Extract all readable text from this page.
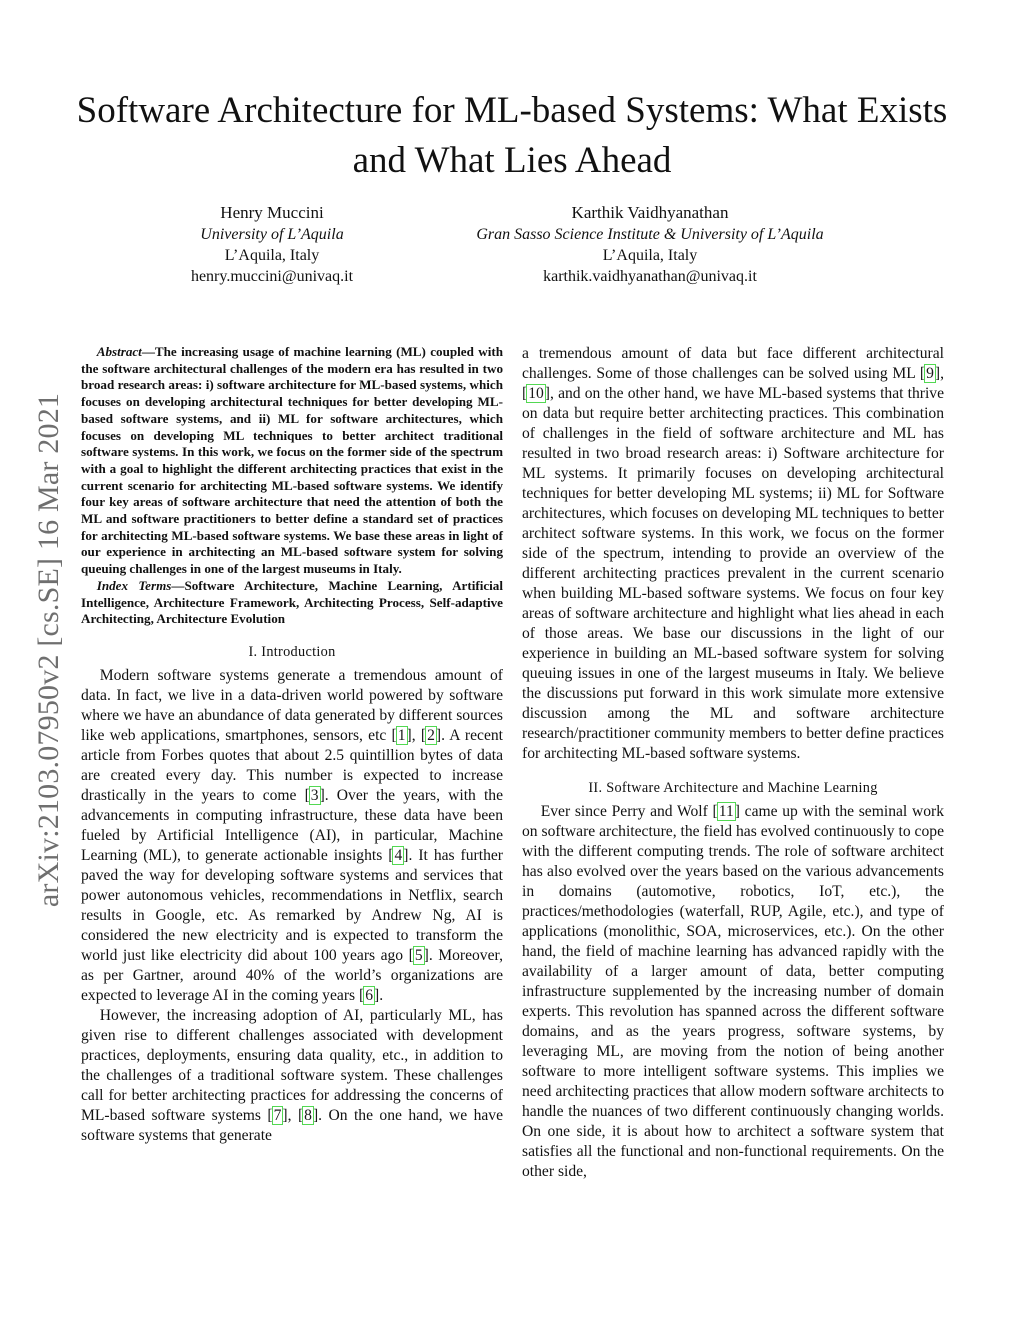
arXiv:2103.07950v2 [cs.SE] 16 Mar 2021
Software Architecture for ML-based Systems: What Exists and What Lies Ahead
Henry Muccini
University of L’Aquila
L’Aquila, Italy
henry.muccini@univaq.it
Karthik Vaidhyanathan
Gran Sasso Science Institute & University of L’Aquila
L’Aquila, Italy
karthik.vaidhyanathan@univaq.it

Abstract—The increasing usage of machine learning (ML) coupled with the software architectural challenges of the modern era has resulted in two broad research areas: i) software architecture for ML-based systems, which focuses on developing architectural techniques for better developing ML-based software systems, and ii) ML for software architectures, which focuses on developing ML techniques to better architect traditional software systems. In this work, we focus on the former side of the spectrum with a goal to highlight the different architecting practices that exist in the current scenario for architecting ML-based software systems. We identify four key areas of software architecture that need the attention of both the ML and software practitioners to better define a standard set of practices for architecting ML-based software systems. We base these areas in light of our experience in architecting an ML-based software system for solving queuing challenges in one of the largest museums in Italy.

Index Terms—Software Architecture, Machine Learning, Artificial Intelligence, Architecture Framework, Architecting Process, Self-adaptive Architecting, Architecture Evolution

I. Introduction

Modern software systems generate a tremendous amount of data. In fact, we live in a data-driven world powered by software where we have an abundance of data generated by different sources like web applications, smartphones, sensors, etc [1], [2]. A recent article from Forbes quotes that about 2.5 quintillion bytes of data are created every day. This number is expected to increase drastically in the years to come [3]. Over the years, with the advancements in computing infrastructure, these data have been fueled by Artificial Intelligence (AI), in particular, Machine Learning (ML), to generate actionable insights [4]. It has further paved the way for developing software systems and services that power autonomous vehicles, recommendations in Netflix, search results in Google, etc. As remarked by Andrew Ng, AI is considered the new electricity and is expected to transform the world just like electricity did about 100 years ago [5]. Moreover, as per Gartner, around 40% of the world’s organizations are expected to leverage AI in the coming years [6].

However, the increasing adoption of AI, particularly ML, has given rise to different challenges associated with development practices, deployments, ensuring data quality, etc., in addition to the challenges of a traditional software system. These challenges call for better architecting practices for addressing the concerns of ML-based software systems [7], [8]. On the one hand, we have software systems that generate

a tremendous amount of data but face different architectural challenges. Some of those challenges can be solved using ML [9], [10], and on the other hand, we have ML-based systems that thrive on data but require better architecting practices. This combination of challenges in the field of software architecture and ML has resulted in two broad research areas: i) Software architecture for ML systems. It primarily focuses on developing architectural techniques for better developing ML systems; ii) ML for Software architectures, which focuses on developing ML techniques to better architect software systems. In this work, we focus on the former side of the spectrum, intending to provide an overview of the different architecting practices prevalent in the current scenario when building ML-based software systems. We focus on four key areas of software architecture and highlight what lies ahead in each of those areas. We base our discussions in the light of our experience in building an ML-based software system for solving queuing issues in one of the largest museums in Italy. We believe the discussions put forward in this work simulate more extensive discussion among the ML and software architecture research/practitioner community members to better define practices for architecting ML-based software systems.

II. Software Architecture and Machine Learning

Ever since Perry and Wolf [11] came up with the seminal work on software architecture, the field has evolved continuously to cope with the different computing trends. The role of software architect has also evolved over the years based on the various advancements in domains (automotive, robotics, IoT, etc.), the practices/methodologies (waterfall, RUP, Agile, etc.), and type of applications (monolithic, SOA, microservices, etc.). On the other hand, the field of machine learning has advanced rapidly with the availability of a larger amount of data, better computing infrastructure supplemented by the increasing number of domain experts. This revolution has spanned across the different software domains, and as the years progress, software systems, by leveraging ML, are moving from the notion of being another software to more intelligent software systems. This implies we need architecting practices that allow modern software architects to handle the nuances of two different continuously changing worlds. On one side, it is about how to architect a software system that satisfies all the functional and non-functional requirements. On the other side,
